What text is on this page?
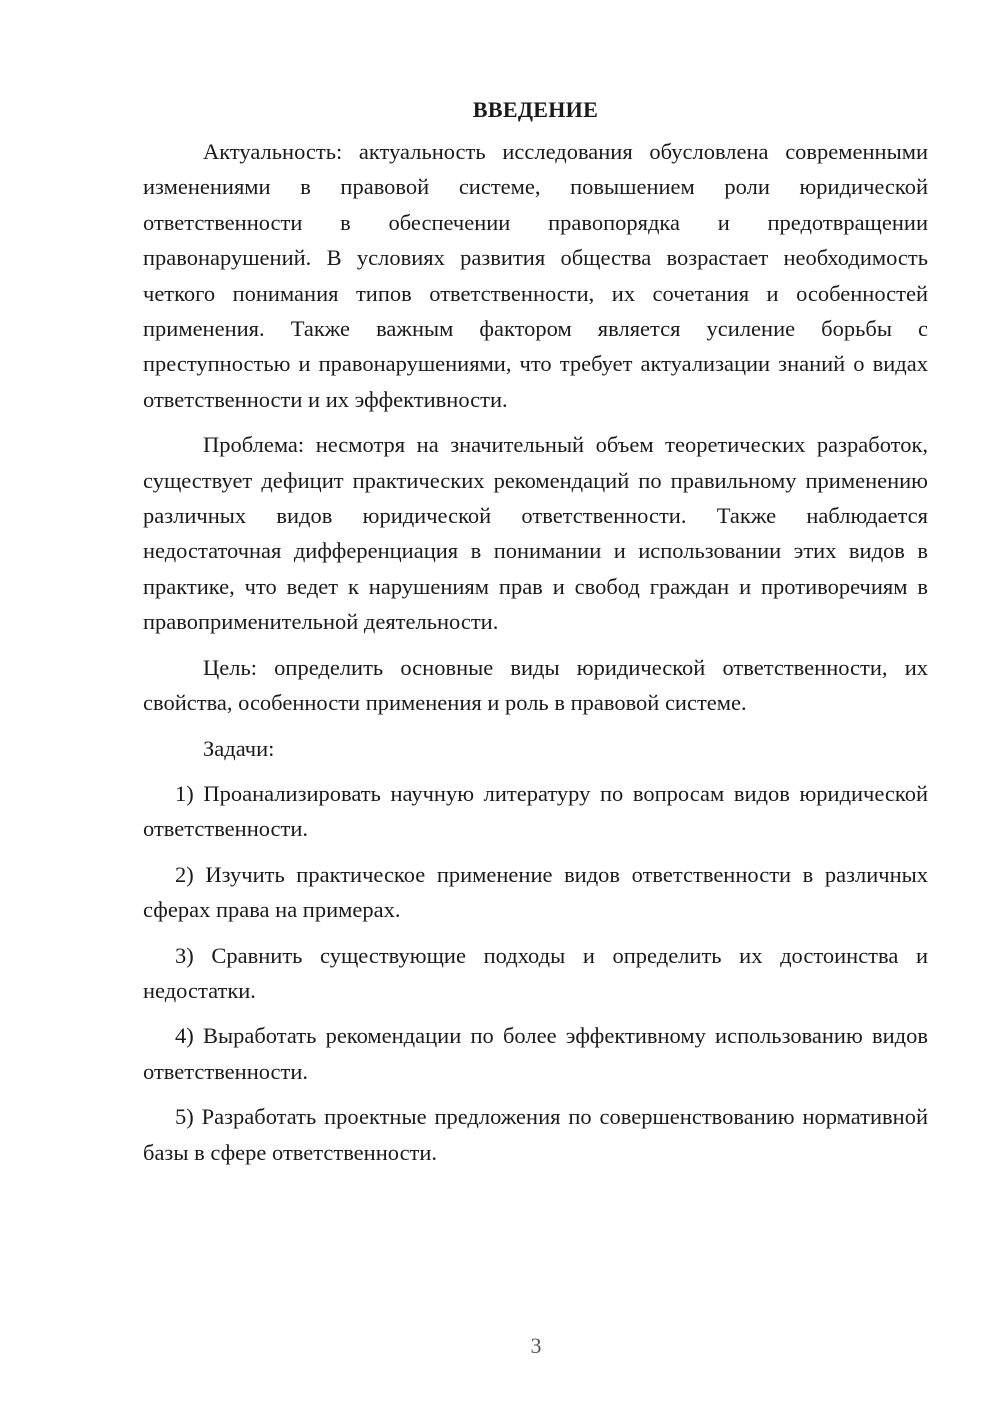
ВВЕДЕНИЕ

Актуальность: актуальность исследования обусловлена современными изменениями в правовой системе, повышением роли юридической ответственности в обеспечении правопорядка и предотвращении правонарушений. В условиях развития общества возрастает необходимость четкого понимания типов ответственности, их сочетания и особенностей применения. Также важным фактором является усиление борьбы с преступностью и правонарушениями, что требует актуализации знаний о видах ответственности и их эффективности.

Проблема: несмотря на значительный объем теоретических разработок, существует дефицит практических рекомендаций по правильному применению различных видов юридической ответственности. Также наблюдается недостаточная дифференциация в понимании и использовании этих видов в практике, что ведет к нарушениям прав и свобод граждан и противоречиям в правоприменительной деятельности.

Цель: определить основные виды юридической ответственности, их свойства, особенности применения и роль в правовой системе.

Задачи:

1) Проанализировать научную литературу по вопросам видов юридической ответственности.

2) Изучить практическое применение видов ответственности в различных сферах права на примерах.

3) Сравнить существующие подходы и определить их достоинства и недостатки.

4) Выработать рекомендации по более эффективному использованию видов ответственности.

5) Разработать проектные предложения по совершенствованию нормативной базы в сфере ответственности.

3
